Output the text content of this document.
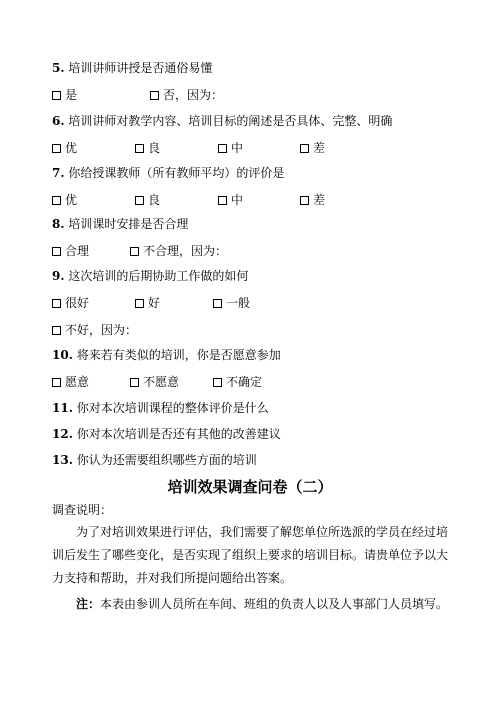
5. 培训讲师讲授是否通俗易懂
是	否，因为：
6. 培训讲师对教学内容、培训目标的阐述是否具体、完整、明确
优	良	中	差
7. 你给授课教师（所有教师平均）的评价是
优	良	中	差
8. 培训课时安排是否合理
合理	不合理，因为：
9. 这次培训的后期协助工作做的如何
很好	好	一般
不好，因为：
10. 将来若有类似的培训，你是否愿意参加
愿意	不愿意	不确定
11. 你对本次培训课程的整体评价是什么
12. 你对本次培训是否还有其他的改善建议
13. 你认为还需要组织哪些方面的培训
培训效果调查问卷（二）
调查说明：
为了对培训效果进行评估，我们需要了解您单位所选派的学员在经过培训后发生了哪些变化，是否实现了组织上要求的培训目标。请贵单位予以大力支持和帮助，并对我们所提问题给出答案。
注：本表由参训人员所在车间、班组的负责人以及人事部门人员填写。
